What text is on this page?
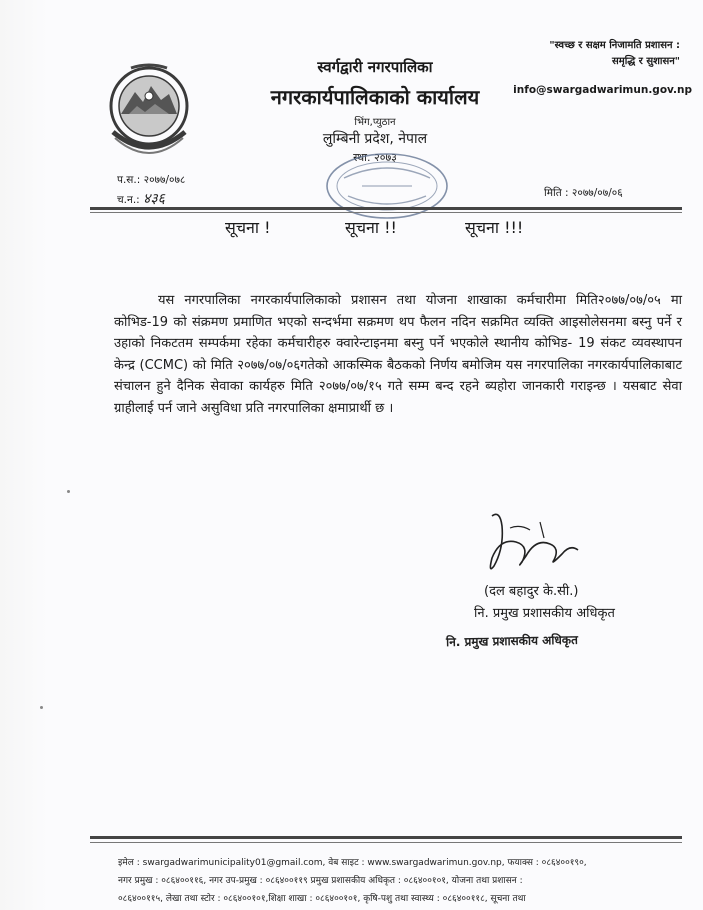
स्वर्गद्वारी नगरपालिका
नगरकार्यपालिकाको कार्यालय
भिंग,प्युठान
लुम्बिनी प्रदेश, नेपाल
स्था. २०७३
"स्वच्छ र सक्षम निजामति प्रशासन :
समृद्धि र सुशासन"
info@swargadwarimun.gov.np
प.स.: २०७७/०७८
च.न.: ४३६	मिति : २०७७/०७/०६
सूचना !	सूचना !!	सूचना !!!

यस नगरपालिका नगरकार्यपालिकाको प्रशासन तथा योजना शाखाका कर्मचारीमा मिति२०७७/०७/०५ मा कोभिड-19 को संक्रमण प्रमाणित भएको सन्दर्भमा सक्रमण थप फैलन नदिन सक्रमित व्यक्ति आइसोलेसनमा बस्नु पर्ने र उहाको निकटतम सम्पर्कमा रहेका कर्मचारीहरु क्वारेन्टाइनमा बस्नु पर्ने भएकोले स्थानीय कोभिड- 19 संकट व्यवस्थापन केन्द्र (CCMC) को मिति २०७७/०७/०६गतेको आकस्मिक बैठकको निर्णय बमोजिम यस नगरपालिका नगरकार्यपालिकाबाट संचालन हुने दैनिक सेवाका कार्यहरु मिति २०७७/०७/१५ गते सम्म बन्द रहने ब्यहोरा जानकारी गराइन्छ । यसबाट सेवा ग्राहीलाई पर्न जाने असुविधा प्रति नगरपालिका क्षमाप्रार्थी छ ।

(दल बहादुर के.सी.)
नि. प्रमुख प्रशासकीय अधिकृत
नि. प्रमुख प्रशासकीय अधिकृत

इमेल : swargadwarimunicipality01@gmail.com, वेब साइट : www.swargadwarimun.gov.np, फयाक्स : ०८६४००१९०,

नगर प्रमुख : ०८६४००११६, नगर उप-प्रमुख : ०८६४००११९ प्रमुख प्रशासकीय अधिकृत : ०८६४००१०१, योजना तथा प्रशासन :

०८६४००११५, लेखा तथा स्टोर : ०८६४००१०१,शिक्षा शाखा : ०८६४००१०१, कृषि-पशु तथा स्वास्थ्य : ०८६४००११८, सूचना तथा
